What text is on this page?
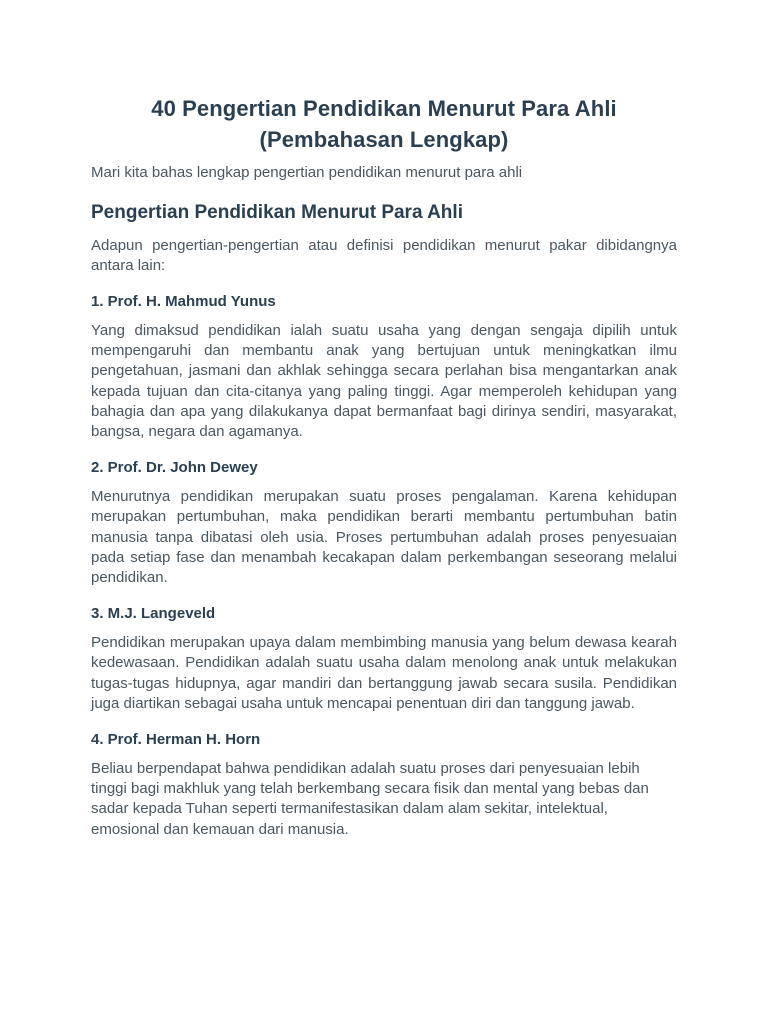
40 Pengertian Pendidikan Menurut Para Ahli (Pembahasan Lengkap)

Mari kita bahas lengkap pengertian pendidikan menurut para ahli

Pengertian Pendidikan Menurut Para Ahli

Adapun pengertian-pengertian atau definisi pendidikan menurut pakar dibidangnya antara lain:

1. Prof. H. Mahmud Yunus

Yang dimaksud pendidikan ialah suatu usaha yang dengan sengaja dipilih untuk mempengaruhi dan membantu anak yang bertujuan untuk meningkatkan ilmu pengetahuan, jasmani dan akhlak sehingga secara perlahan bisa mengantarkan anak kepada tujuan dan cita-citanya yang paling tinggi. Agar memperoleh kehidupan yang bahagia dan apa yang dilakukanya dapat bermanfaat bagi dirinya sendiri, masyarakat, bangsa, negara dan agamanya.

2. Prof. Dr. John Dewey

Menurutnya pendidikan merupakan suatu proses pengalaman. Karena kehidupan merupakan pertumbuhan, maka pendidikan berarti membantu pertumbuhan batin manusia tanpa dibatasi oleh usia. Proses pertumbuhan adalah proses penyesuaian pada setiap fase dan menambah kecakapan dalam perkembangan seseorang melalui pendidikan.

3. M.J. Langeveld

Pendidikan merupakan upaya dalam membimbing manusia yang belum dewasa kearah kedewasaan. Pendidikan adalah suatu usaha dalam menolong anak untuk melakukan tugas-tugas hidupnya, agar mandiri dan bertanggung jawab secara susila. Pendidikan juga diartikan sebagai usaha untuk mencapai penentuan diri dan tanggung jawab.

4. Prof. Herman H. Horn

Beliau berpendapat bahwa pendidikan adalah suatu proses dari penyesuaian lebih tinggi bagi makhluk yang telah berkembang secara fisik dan mental yang bebas dan sadar kepada Tuhan seperti termanifestasikan dalam alam sekitar, intelektual, emosional dan kemauan dari manusia.
